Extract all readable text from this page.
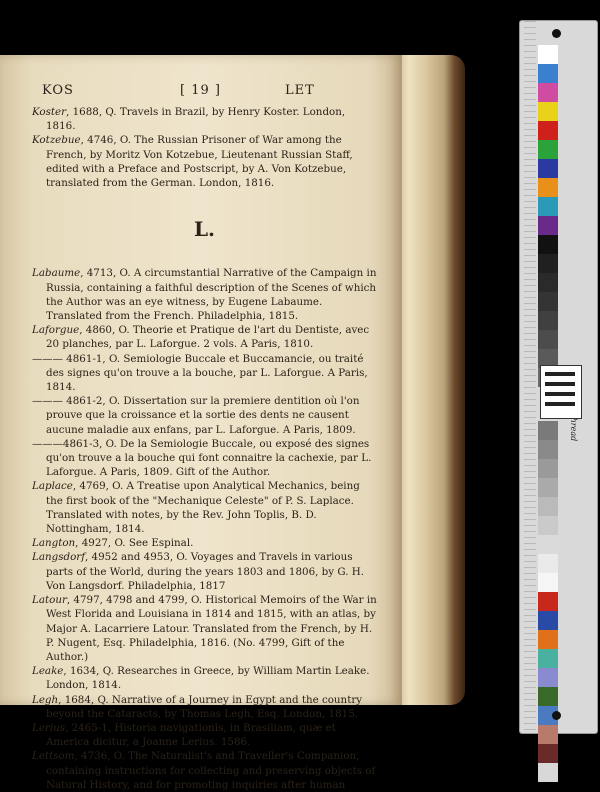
KOS	[ 19 ]	LET

Koster, 1688, Q. Travels in Brazil, by Henry Koster. London, 1816.

Kotzebue, 4746, O. The Russian Prisoner of War among the French, by Moritz Von Kotzebue, Lieutenant Russian Staff, edited with a Preface and Postscript, by A. Von Kotzebue, translated from the German. London, 1816.

L.

Labaume, 4713, O. A circumstantial Narrative of the Campaign in Russia, containing a faithful description of the Scenes of which the Author was an eye witness, by Eugene Labaume. Translated from the French. Philadelphia, 1815.

Laforgue, 4860, O. Theorie et Pratique de l'art du Dentiste, avec 20 planches, par L. Laforgue. 2 vols. A Paris, 1810.

——— 4861-1, O. Semiologie Buccale et Buccamancie, ou traité des signes qu'on trouve a la bouche, par L. Laforgue. A Paris, 1814.

——— 4861-2, O. Dissertation sur la premiere dentition où l'on prouve que la croissance et la sortie des dents ne causent aucune maladie aux enfans, par L. Laforgue. A Paris, 1809.

———4861-3, O. De la Semiologie Buccale, ou exposé des signes qu'on trouve a la bouche qui font connaitre la cachexie, par L. Laforgue. A Paris, 1809. Gift of the Author.

Laplace, 4769, O. A Treatise upon Analytical Mechanics, being the first book of the "Mechanique Celeste" of P. S. Laplace. Translated with notes, by the Rev. John Toplis, B. D. Nottingham, 1814.

Langton, 4927, O. See Espinal.

Langsdorf, 4952 and 4953, O. Voyages and Travels in various parts of the World, during the years 1803 and 1806, by G. H. Von Langsdorf. Philadelphia, 1817

Latour, 4797, 4798 and 4799, O. Historical Memoirs of the War in West Florida and Louisiana in 1814 and 1815, with an atlas, by Major A. Lacarriere Latour. Translated from the French, by H. P. Nugent, Esq. Philadelphia, 1816. (No. 4799, Gift of the Author.)

Leake, 1634, Q. Researches in Greece, by William Martin Leake. London, 1814.

Legh, 1684, Q. Narrative of a Journey in Egypt and the country beyond the Cataracts, by Thomas Legh, Esq. London, 1815.

Lerius, 2465-1, Historia navigationis, in Brasiliam, quæ et America dicitur, a Joanne Lerius. 1586.

Lettsom, 4736, O. The Naturalist's and Traveller's Companion, containing instructions for collecting and preserving objects of Natural History, and for promoting inquiries after human
